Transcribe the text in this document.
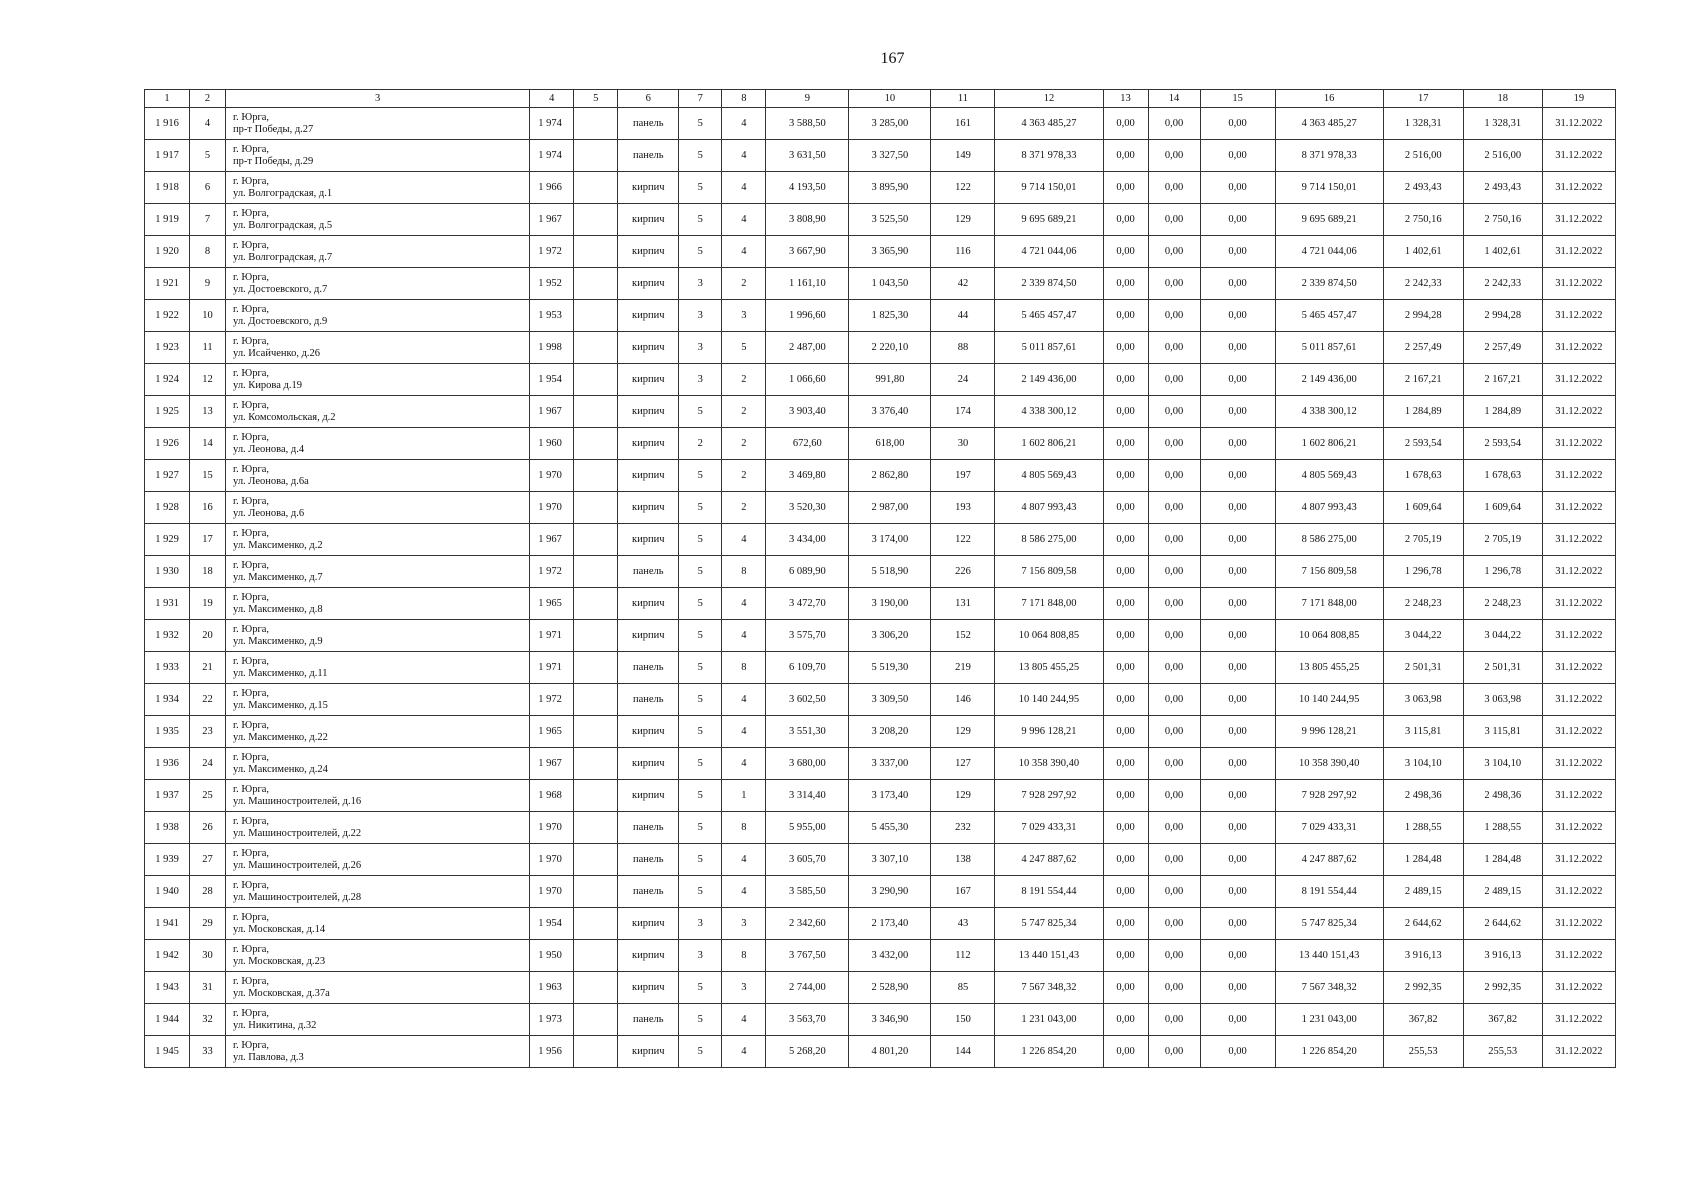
167
1	2	3	4	5	6	7	8	9	10	11	12	13	14	15	16	17	18	19
1 916	4	г. Юрга,
пр-т Победы, д.27	1 974		панель	5	4	3 588,50	3 285,00	161	4 363 485,27	0,00	0,00	0,00	4 363 485,27	1 328,31	1 328,31	31.12.2022
1 917	5	г. Юрга,
пр-т Победы, д.29	1 974		панель	5	4	3 631,50	3 327,50	149	8 371 978,33	0,00	0,00	0,00	8 371 978,33	2 516,00	2 516,00	31.12.2022
1 918	6	г. Юрга,
ул. Волгоградская, д.1	1 966		кирпич	5	4	4 193,50	3 895,90	122	9 714 150,01	0,00	0,00	0,00	9 714 150,01	2 493,43	2 493,43	31.12.2022
1 919	7	г. Юрга,
ул. Волгоградская, д.5	1 967		кирпич	5	4	3 808,90	3 525,50	129	9 695 689,21	0,00	0,00	0,00	9 695 689,21	2 750,16	2 750,16	31.12.2022
1 920	8	г. Юрга,
ул. Волгоградская, д.7	1 972		кирпич	5	4	3 667,90	3 365,90	116	4 721 044,06	0,00	0,00	0,00	4 721 044,06	1 402,61	1 402,61	31.12.2022
1 921	9	г. Юрга,
ул. Достоевского, д.7	1 952		кирпич	3	2	1 161,10	1 043,50	42	2 339 874,50	0,00	0,00	0,00	2 339 874,50	2 242,33	2 242,33	31.12.2022
1 922	10	г. Юрга,
ул. Достоевского, д.9	1 953		кирпич	3	3	1 996,60	1 825,30	44	5 465 457,47	0,00	0,00	0,00	5 465 457,47	2 994,28	2 994,28	31.12.2022
1 923	11	г. Юрга,
ул. Исайченко, д.26	1 998		кирпич	3	5	2 487,00	2 220,10	88	5 011 857,61	0,00	0,00	0,00	5 011 857,61	2 257,49	2 257,49	31.12.2022
1 924	12	г. Юрга,
ул. Кирова д.19	1 954		кирпич	3	2	1 066,60	991,80	24	2 149 436,00	0,00	0,00	0,00	2 149 436,00	2 167,21	2 167,21	31.12.2022
1 925	13	г. Юрга,
ул. Комсомольская, д.2	1 967		кирпич	5	2	3 903,40	3 376,40	174	4 338 300,12	0,00	0,00	0,00	4 338 300,12	1 284,89	1 284,89	31.12.2022
1 926	14	г. Юрга,
ул. Леонова, д.4	1 960		кирпич	2	2	672,60	618,00	30	1 602 806,21	0,00	0,00	0,00	1 602 806,21	2 593,54	2 593,54	31.12.2022
1 927	15	г. Юрга,
ул. Леонова, д.6а	1 970		кирпич	5	2	3 469,80	2 862,80	197	4 805 569,43	0,00	0,00	0,00	4 805 569,43	1 678,63	1 678,63	31.12.2022
1 928	16	г. Юрга,
ул. Леонова, д.6	1 970		кирпич	5	2	3 520,30	2 987,00	193	4 807 993,43	0,00	0,00	0,00	4 807 993,43	1 609,64	1 609,64	31.12.2022
1 929	17	г. Юрга,
ул. Максименко, д.2	1 967		кирпич	5	4	3 434,00	3 174,00	122	8 586 275,00	0,00	0,00	0,00	8 586 275,00	2 705,19	2 705,19	31.12.2022
1 930	18	г. Юрга,
ул. Максименко, д.7	1 972		панель	5	8	6 089,90	5 518,90	226	7 156 809,58	0,00	0,00	0,00	7 156 809,58	1 296,78	1 296,78	31.12.2022
1 931	19	г. Юрга,
ул. Максименко, д.8	1 965		кирпич	5	4	3 472,70	3 190,00	131	7 171 848,00	0,00	0,00	0,00	7 171 848,00	2 248,23	2 248,23	31.12.2022
1 932	20	г. Юрга,
ул. Максименко, д.9	1 971		кирпич	5	4	3 575,70	3 306,20	152	10 064 808,85	0,00	0,00	0,00	10 064 808,85	3 044,22	3 044,22	31.12.2022
1 933	21	г. Юрга,
ул. Максименко, д.11	1 971		панель	5	8	6 109,70	5 519,30	219	13 805 455,25	0,00	0,00	0,00	13 805 455,25	2 501,31	2 501,31	31.12.2022
1 934	22	г. Юрга,
ул. Максименко, д.15	1 972		панель	5	4	3 602,50	3 309,50	146	10 140 244,95	0,00	0,00	0,00	10 140 244,95	3 063,98	3 063,98	31.12.2022
1 935	23	г. Юрга,
ул. Максименко, д.22	1 965		кирпич	5	4	3 551,30	3 208,20	129	9 996 128,21	0,00	0,00	0,00	9 996 128,21	3 115,81	3 115,81	31.12.2022
1 936	24	г. Юрга,
ул. Максименко, д.24	1 967		кирпич	5	4	3 680,00	3 337,00	127	10 358 390,40	0,00	0,00	0,00	10 358 390,40	3 104,10	3 104,10	31.12.2022
1 937	25	г. Юрга,
ул. Машиностроителей, д.16	1 968		кирпич	5	1	3 314,40	3 173,40	129	7 928 297,92	0,00	0,00	0,00	7 928 297,92	2 498,36	2 498,36	31.12.2022
1 938	26	г. Юрга,
ул. Машиностроителей, д.22	1 970		панель	5	8	5 955,00	5 455,30	232	7 029 433,31	0,00	0,00	0,00	7 029 433,31	1 288,55	1 288,55	31.12.2022
1 939	27	г. Юрга,
ул. Машиностроителей, д.26	1 970		панель	5	4	3 605,70	3 307,10	138	4 247 887,62	0,00	0,00	0,00	4 247 887,62	1 284,48	1 284,48	31.12.2022
1 940	28	г. Юрга,
ул. Машиностроителей, д.28	1 970		панель	5	4	3 585,50	3 290,90	167	8 191 554,44	0,00	0,00	0,00	8 191 554,44	2 489,15	2 489,15	31.12.2022
1 941	29	г. Юрга,
ул. Московская, д.14	1 954		кирпич	3	3	2 342,60	2 173,40	43	5 747 825,34	0,00	0,00	0,00	5 747 825,34	2 644,62	2 644,62	31.12.2022
1 942	30	г. Юрга,
ул. Московская, д.23	1 950		кирпич	3	8	3 767,50	3 432,00	112	13 440 151,43	0,00	0,00	0,00	13 440 151,43	3 916,13	3 916,13	31.12.2022
1 943	31	г. Юрга,
ул. Московская, д.37а	1 963		кирпич	5	3	2 744,00	2 528,90	85	7 567 348,32	0,00	0,00	0,00	7 567 348,32	2 992,35	2 992,35	31.12.2022
1 944	32	г. Юрга,
ул. Никитина, д.32	1 973		панель	5	4	3 563,70	3 346,90	150	1 231 043,00	0,00	0,00	0,00	1 231 043,00	367,82	367,82	31.12.2022
1 945	33	г. Юрга,
ул. Павлова, д.3	1 956		кирпич	5	4	5 268,20	4 801,20	144	1 226 854,20	0,00	0,00	0,00	1 226 854,20	255,53	255,53	31.12.2022
